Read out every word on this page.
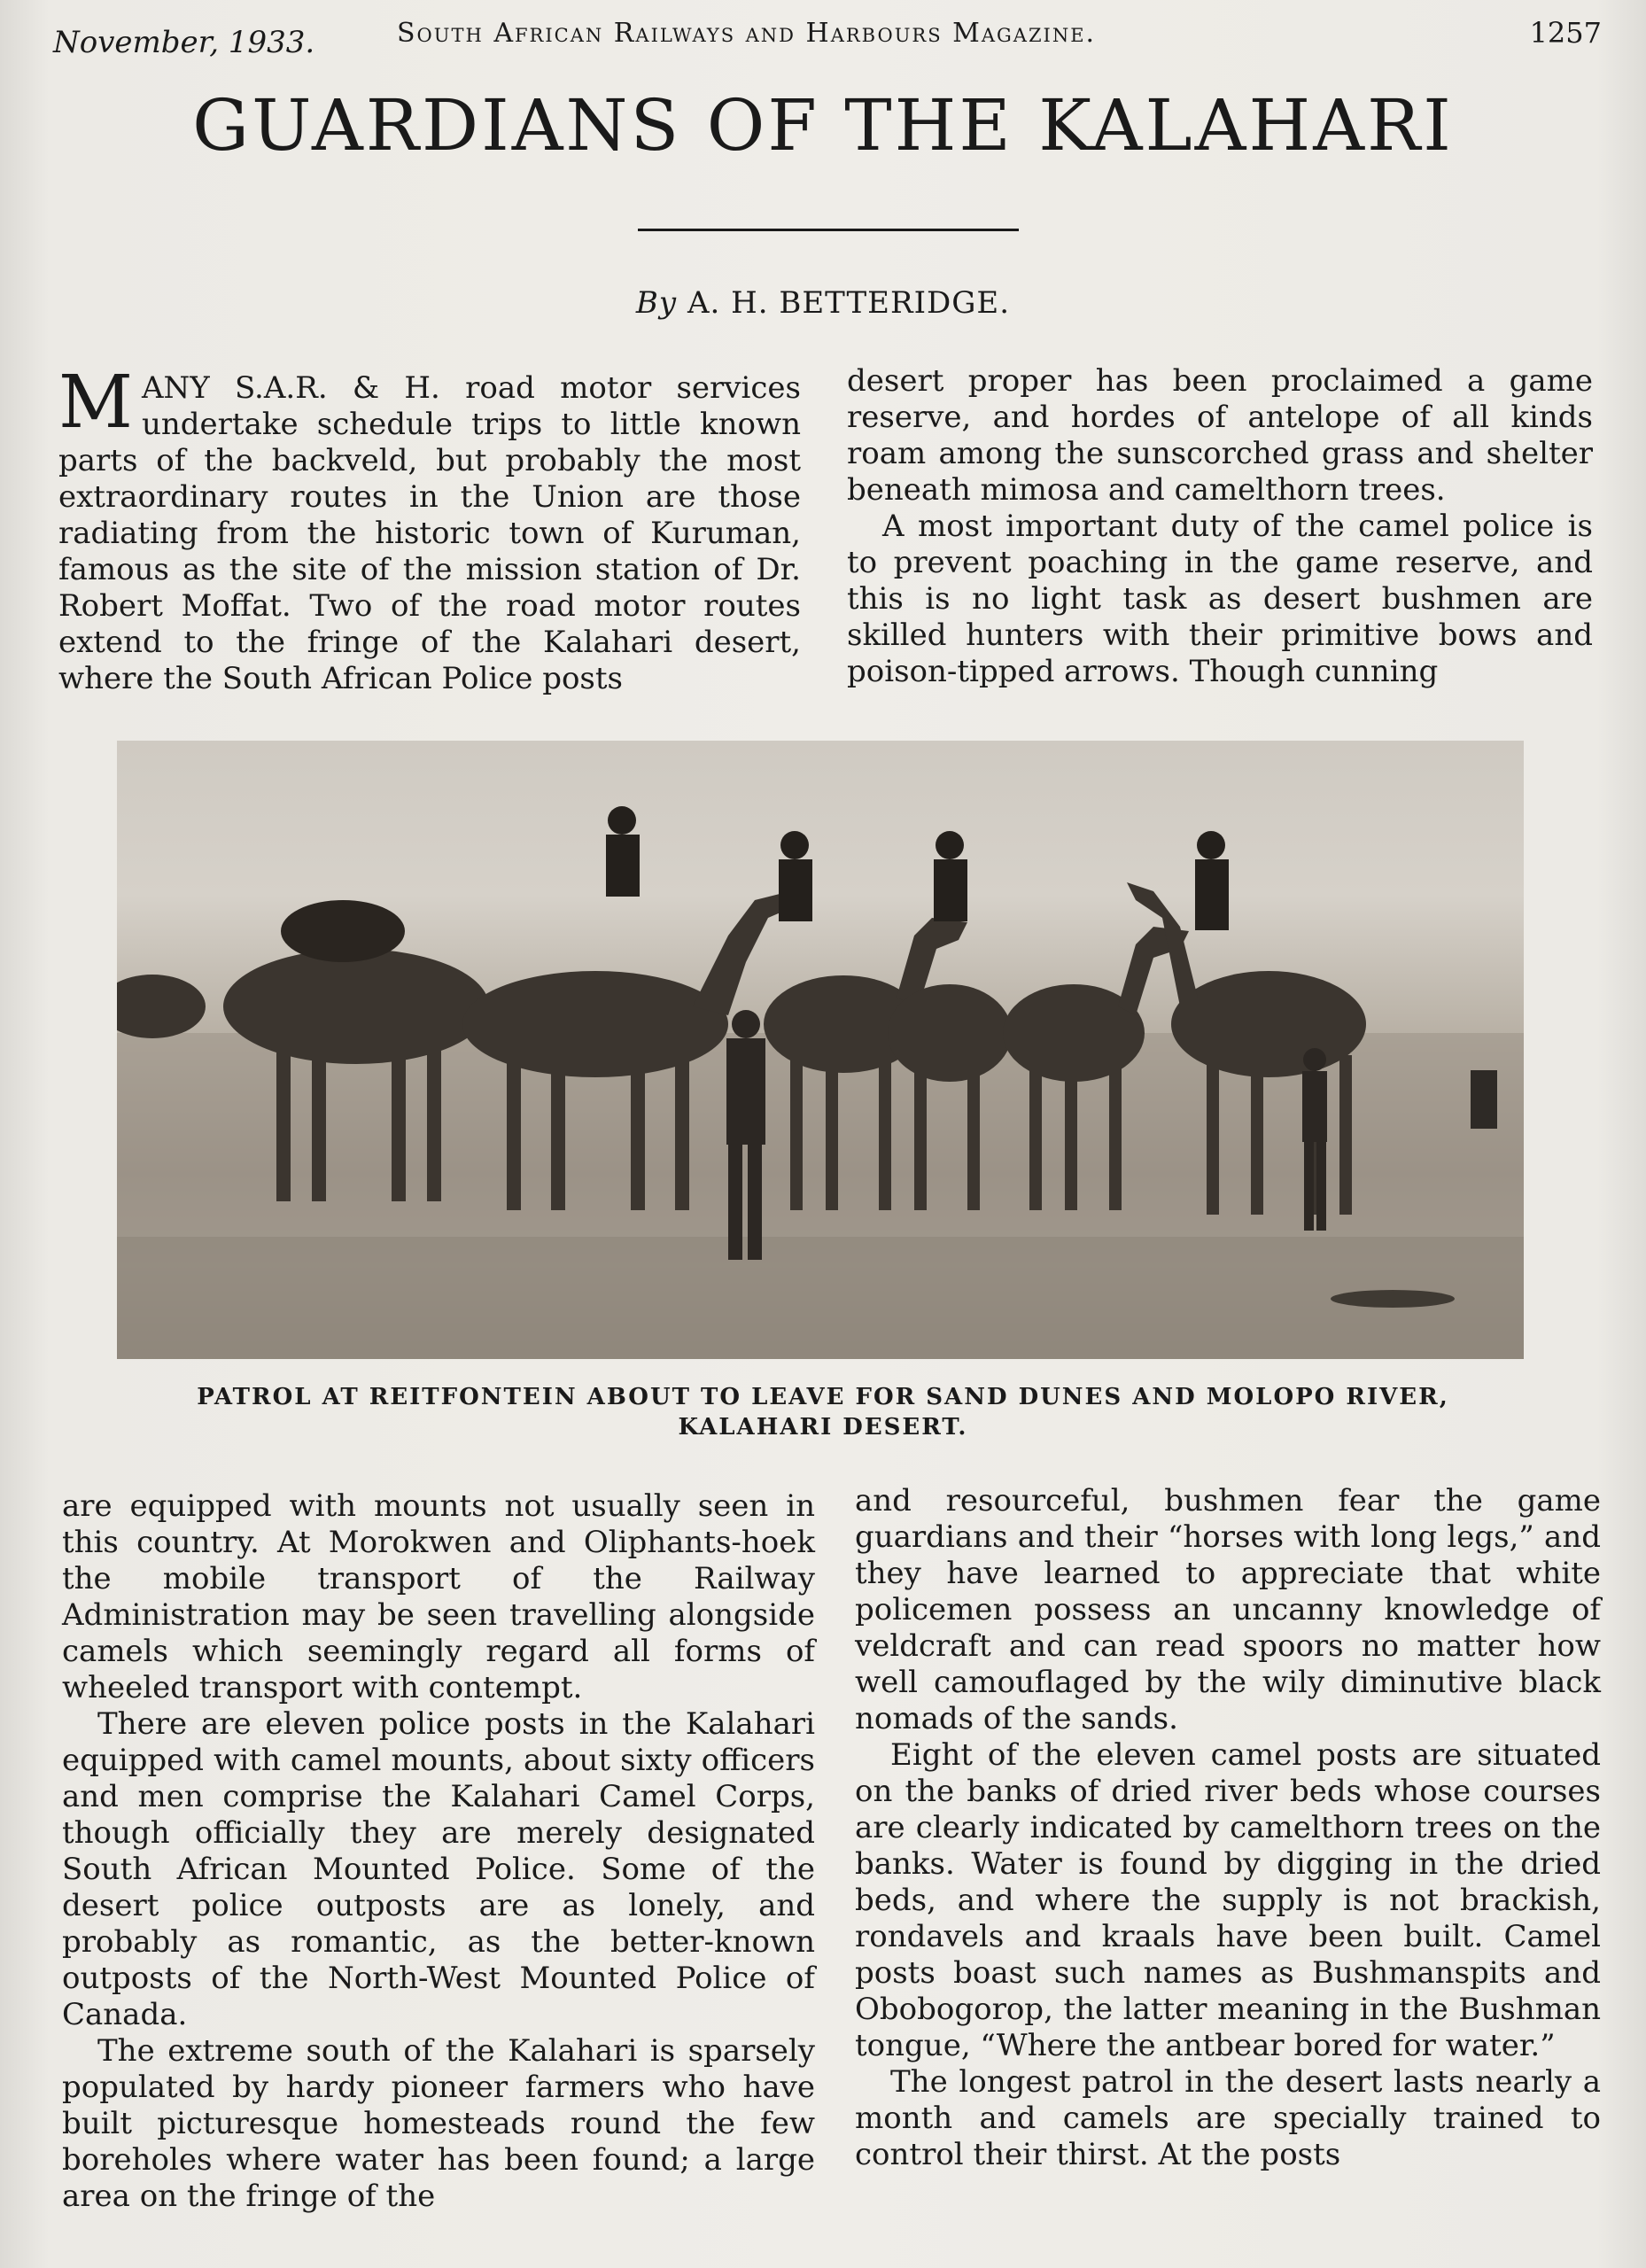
November, 1933.	South African Railways and Harbours Magazine.	1257
GUARDIANS OF THE KALAHARI
By A. H. BETTERIDGE.

MANY S.A.R. & H. road motor services undertake schedule trips to little known parts of the backveld, but probably the most extraordinary routes in the Union are those radiating from the historic town of Kuruman, famous as the site of the mission station of Dr. Robert Moffat. Two of the road motor routes extend to the fringe of the Kalahari desert, where the South African Police posts

desert proper has been proclaimed a game reserve, and hordes of antelope of all kinds roam among the sunscorched grass and shelter beneath mimosa and camelthorn trees.

A most important duty of the camel police is to prevent poaching in the game reserve, and this is no light task as desert bushmen are skilled hunters with their primitive bows and poison-tipped arrows. Though cunning

PATROL AT REITFONTEIN ABOUT TO LEAVE FOR SAND DUNES AND MOLOPO RIVER,
KALAHARI DESERT.

are equipped with mounts not usually seen in this country. At Morokwen and Oliphants-hoek the mobile transport of the Railway Administration may be seen travelling alongside camels which seemingly regard all forms of wheeled transport with contempt.

There are eleven police posts in the Kalahari equipped with camel mounts, about sixty officers and men comprise the Kalahari Camel Corps, though officially they are merely designated South African Mounted Police. Some of the desert police outposts are as lonely, and probably as romantic, as the better-known outposts of the North-West Mounted Police of Canada.

The extreme south of the Kalahari is sparsely populated by hardy pioneer farmers who have built picturesque homesteads round the few boreholes where water has been found; a large area on the fringe of the

and resourceful, bushmen fear the game guardians and their “horses with long legs,” and they have learned to appreciate that white policemen possess an uncanny knowledge of veldcraft and can read spoors no matter how well camouflaged by the wily diminutive black nomads of the sands.

Eight of the eleven camel posts are situated on the banks of dried river beds whose courses are clearly indicated by camelthorn trees on the banks. Water is found by digging in the dried beds, and where the supply is not brackish, rondavels and kraals have been built. Camel posts boast such names as Bushmanspits and Obobogorop, the latter meaning in the Bushman tongue, “Where the antbear bored for water.”

The longest patrol in the desert lasts nearly a month and camels are specially trained to control their thirst. At the posts
